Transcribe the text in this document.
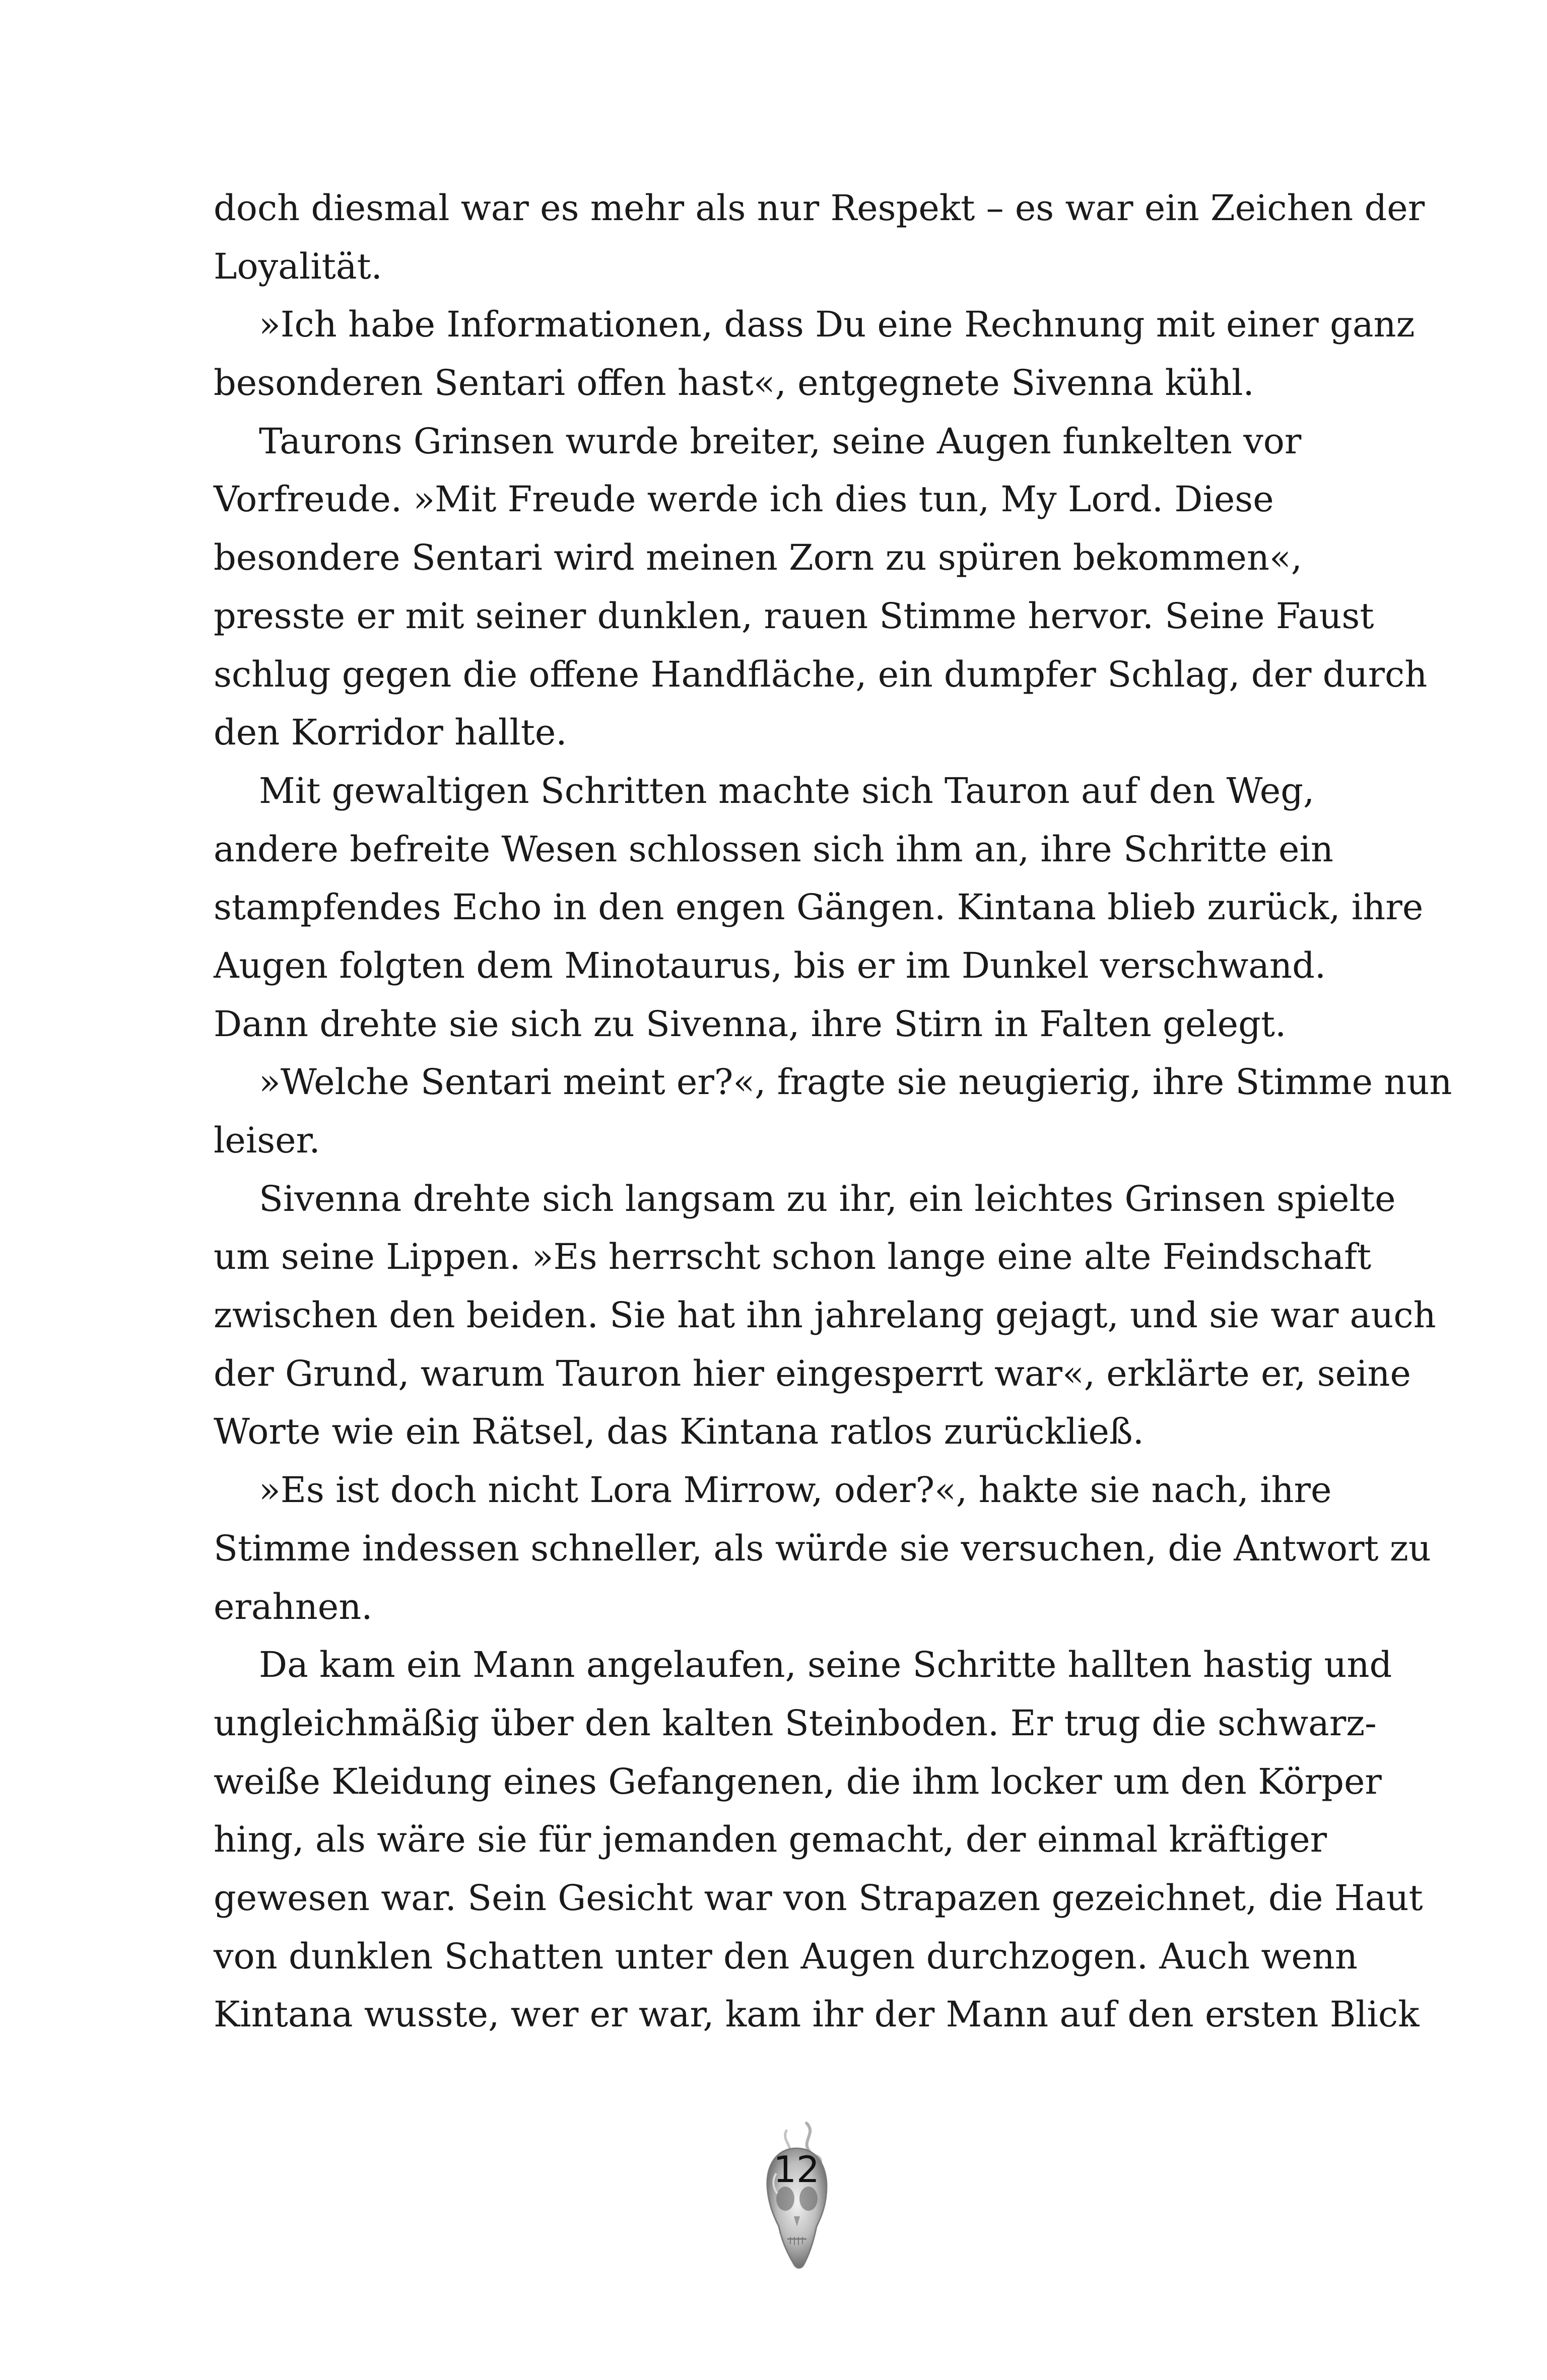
doch diesmal war es mehr als nur Respekt – es war ein Zeichen der
Loyalität.
»Ich habe Informationen, dass Du eine Rechnung mit einer ganz
besonderen Sentari offen hast«, entgegnete Sivenna kühl.
Taurons Grinsen wurde breiter, seine Augen funkelten vor
Vorfreude. »Mit Freude werde ich dies tun, My Lord. Diese
besondere Sentari wird meinen Zorn zu spüren bekommen«,
presste er mit seiner dunklen, rauen Stimme hervor. Seine Faust
schlug gegen die offene Handfläche, ein dumpfer Schlag, der durch
den Korridor hallte.
Mit gewaltigen Schritten machte sich Tauron auf den Weg,
andere befreite Wesen schlossen sich ihm an, ihre Schritte ein
stampfendes Echo in den engen Gängen. Kintana blieb zurück, ihre
Augen folgten dem Minotaurus, bis er im Dunkel verschwand.
Dann drehte sie sich zu Sivenna, ihre Stirn in Falten gelegt.
»Welche Sentari meint er?«, fragte sie neugierig, ihre Stimme nun
leiser.
Sivenna drehte sich langsam zu ihr, ein leichtes Grinsen spielte
um seine Lippen. »Es herrscht schon lange eine alte Feindschaft
zwischen den beiden. Sie hat ihn jahrelang gejagt, und sie war auch
der Grund, warum Tauron hier eingesperrt war«, erklärte er, seine
Worte wie ein Rätsel, das Kintana ratlos zurückließ.
»Es ist doch nicht Lora Mirrow, oder?«, hakte sie nach, ihre
Stimme indessen schneller, als würde sie versuchen, die Antwort zu
erahnen.
Da kam ein Mann angelaufen, seine Schritte hallten hastig und
ungleichmäßig über den kalten Steinboden. Er trug die schwarz-
weiße Kleidung eines Gefangenen, die ihm locker um den Körper
hing, als wäre sie für jemanden gemacht, der einmal kräftiger
gewesen war. Sein Gesicht war von Strapazen gezeichnet, die Haut
von dunklen Schatten unter den Augen durchzogen. Auch wenn
Kintana wusste, wer er war, kam ihr der Mann auf den ersten Blick
12
